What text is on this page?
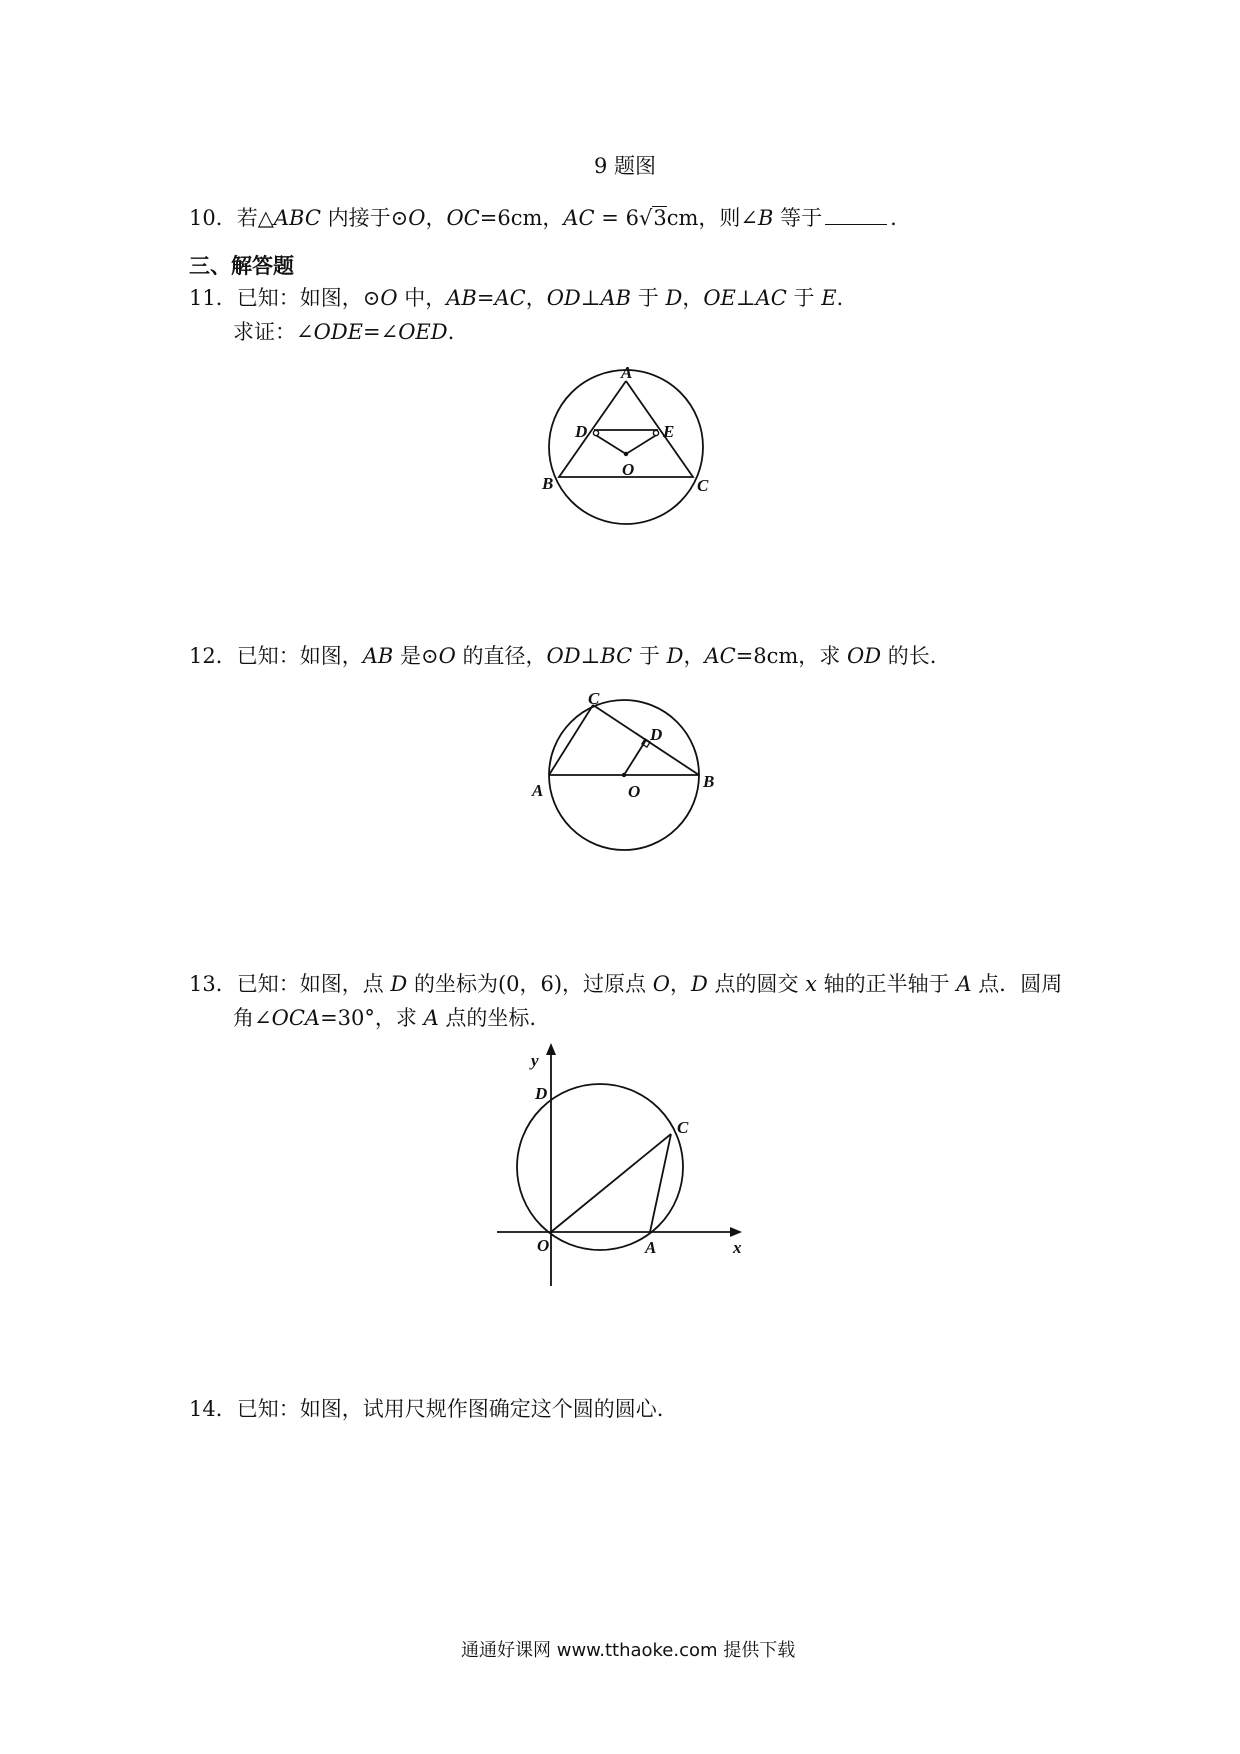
9 题图
10．若△ABC 内接于⊙O，OC=6cm，AC = 6√3cm，则∠B 等于	.
三、解答题
11．已知：如图，⊙O 中，AB=AC，OD⊥AB 于 D，OE⊥AC 于 E.
求证：∠ODE=∠OED.
A
D	E
O
B	C
12．已知：如图，AB 是⊙O 的直径，OD⊥BC 于 D，AC=8cm，求 OD 的长.
C
D
A	O
B
13．已知：如图，点 D 的坐标为(0，6)，过原点 O，D 点的圆交 x 轴的正半轴于 A 点．圆周
角∠OCA=30°，求 A 点的坐标.
y
D
C
O	A	x
14．已知：如图，试用尺规作图确定这个圆的圆心.
通通好课网 www.tthaoke.com 提供下载
